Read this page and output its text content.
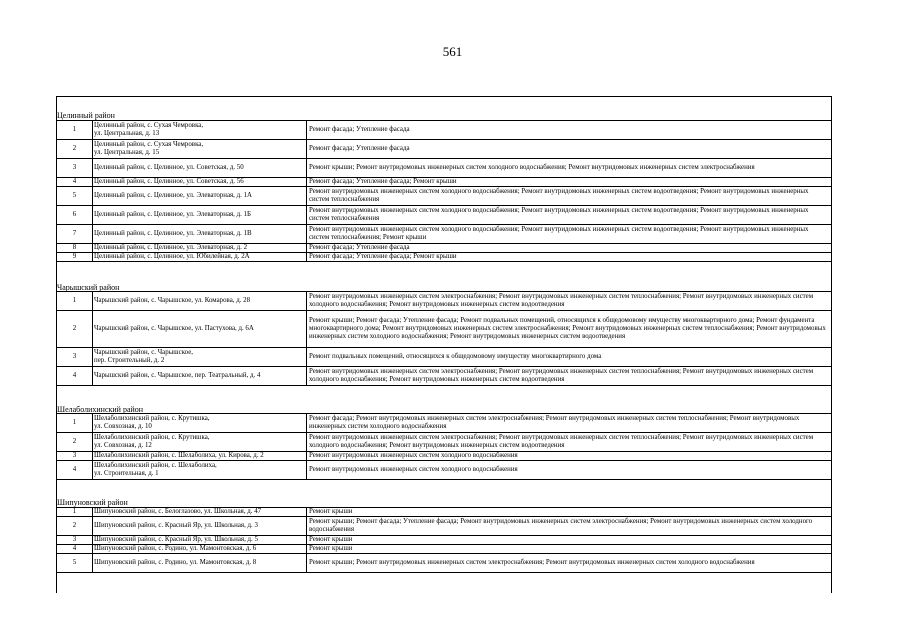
561
Целинный район
1	Целинный район, с. Сухая Чемровка,
ул. Центральная, д. 13	Ремонт фасада; Утепление фасада
2	Целинный район, с. Сухая Чемровка,
ул. Центральная, д. 15	Ремонт фасада; Утепление фасада
3	Целинный район, с. Целинное, ул. Советская, д. 50	Ремонт крыши; Ремонт внутридомовых инженерных систем холодного водоснабжения; Ремонт внутридомовых инженерных систем электроснабжения
4	Целинный район, с. Целинное, ул. Советская, д. 56	Ремонт фасада; Утепление фасада; Ремонт крыши
5	Целинный район, с. Целинное, ул. Элеваторная, д. 1А	Ремонт внутридомовых инженерных систем холодного водоснабжения; Ремонт внутридомовых инженерных систем водоотведения; Ремонт внутридомовых инженерных систем теплоснабжения
6	Целинный район, с. Целинное, ул. Элеваторная, д. 1Б	Ремонт внутридомовых инженерных систем холодного водоснабжения; Ремонт внутридомовых инженерных систем водоотведения; Ремонт внутридомовых инженерных систем теплоснабжения
7	Целинный район, с. Целинное, ул. Элеваторная, д. 1В	Ремонт внутридомовых инженерных систем холодного водоснабжения; Ремонт внутридомовых инженерных систем водоотведения; Ремонт внутридомовых инженерных систем теплоснабжения; Ремонт крыши
8	Целинный район, с. Целинное, ул. Элеваторная, д. 2	Ремонт фасада; Утепление фасада
9	Целинный район, с. Целинное, ул. Юбилейная, д. 2А	Ремонт фасада; Утепление фасада; Ремонт крыши
Чарышский район
1	Чарышский район, с. Чарышское, ул. Комарова, д. 28	Ремонт внутридомовых инженерных систем электроснабжения; Ремонт внутридомовых инженерных систем теплоснабжения; Ремонт внутридомовых инженерных систем холодного водоснабжения; Ремонт внутридомовых инженерных систем водоотведения
2	Чарышский район, с. Чарышское, ул. Пастухова, д. 6А	Ремонт крыши; Ремонт фасада; Утепление фасада; Ремонт подвальных помещений, относящихся к общедомовому имуществу многоквартирного дома; Ремонт фундамента многоквартирного дома; Ремонт внутридомовых инженерных систем электроснабжения; Ремонт внутридомовых инженерных систем теплоснабжения; Ремонт внутридомовых инженерных систем холодного водоснабжения; Ремонт внутридомовых инженерных систем водоотведения
3	Чарышский район, с. Чарышское,
пер. Строительный, д. 2	Ремонт подвальных помещений, относящихся к общедомовому имуществу многоквартирного дома
4	Чарышский район, с. Чарышское, пер. Театральный, д. 4	Ремонт внутридомовых инженерных систем электроснабжения; Ремонт внутридомовых инженерных систем теплоснабжения; Ремонт внутридомовых инженерных систем холодного водоснабжения; Ремонт внутридомовых инженерных систем водоотведения
Шелаболихинский район
1	Шелаболихинский район, с. Крутишка,
ул. Совхозная, д. 10	Ремонт фасада; Ремонт внутридомовых инженерных систем электроснабжения; Ремонт внутридомовых инженерных систем теплоснабжения; Ремонт внутридомовых инженерных систем холодного водоснабжения
2	Шелаболихинский район, с. Крутишка,
ул. Совхозная, д. 12	Ремонт внутридомовых инженерных систем электроснабжения; Ремонт внутридомовых инженерных систем теплоснабжения; Ремонт внутридомовых инженерных систем холодного водоснабжения; Ремонт внутридомовых инженерных систем водоотведения
3	Шелаболихинский район, с. Шелаболиха, ул. Кирова, д. 2	Ремонт внутридомовых инженерных систем холодного водоснабжения
4	Шелаболихинский район, с. Шелаболиха,
ул. Строительная, д. 1	Ремонт внутридомовых инженерных систем холодного водоснабжения
Шипуновский район
1	Шипуновский район, с. Белоглазово, ул. Школьная, д. 47	Ремонт крыши
2	Шипуновский район, с. Красный Яр, ул. Школьная, д. 3	Ремонт крыши; Ремонт фасада; Утепление фасада; Ремонт внутридомовых инженерных систем электроснабжения; Ремонт внутридомовых инженерных систем холодного водоснабжения
3	Шипуновский район, с. Красный Яр, ул. Школьная, д. 5	Ремонт крыши
4	Шипуновский район, с. Родино, ул. Мамонтовская, д. 6	Ремонт крыши
5	Шипуновский район, с. Родино, ул. Мамонтовская, д. 8	Ремонт крыши; Ремонт внутридомовых инженерных систем электроснабжения; Ремонт внутридомовых инженерных систем холодного водоснабжения
